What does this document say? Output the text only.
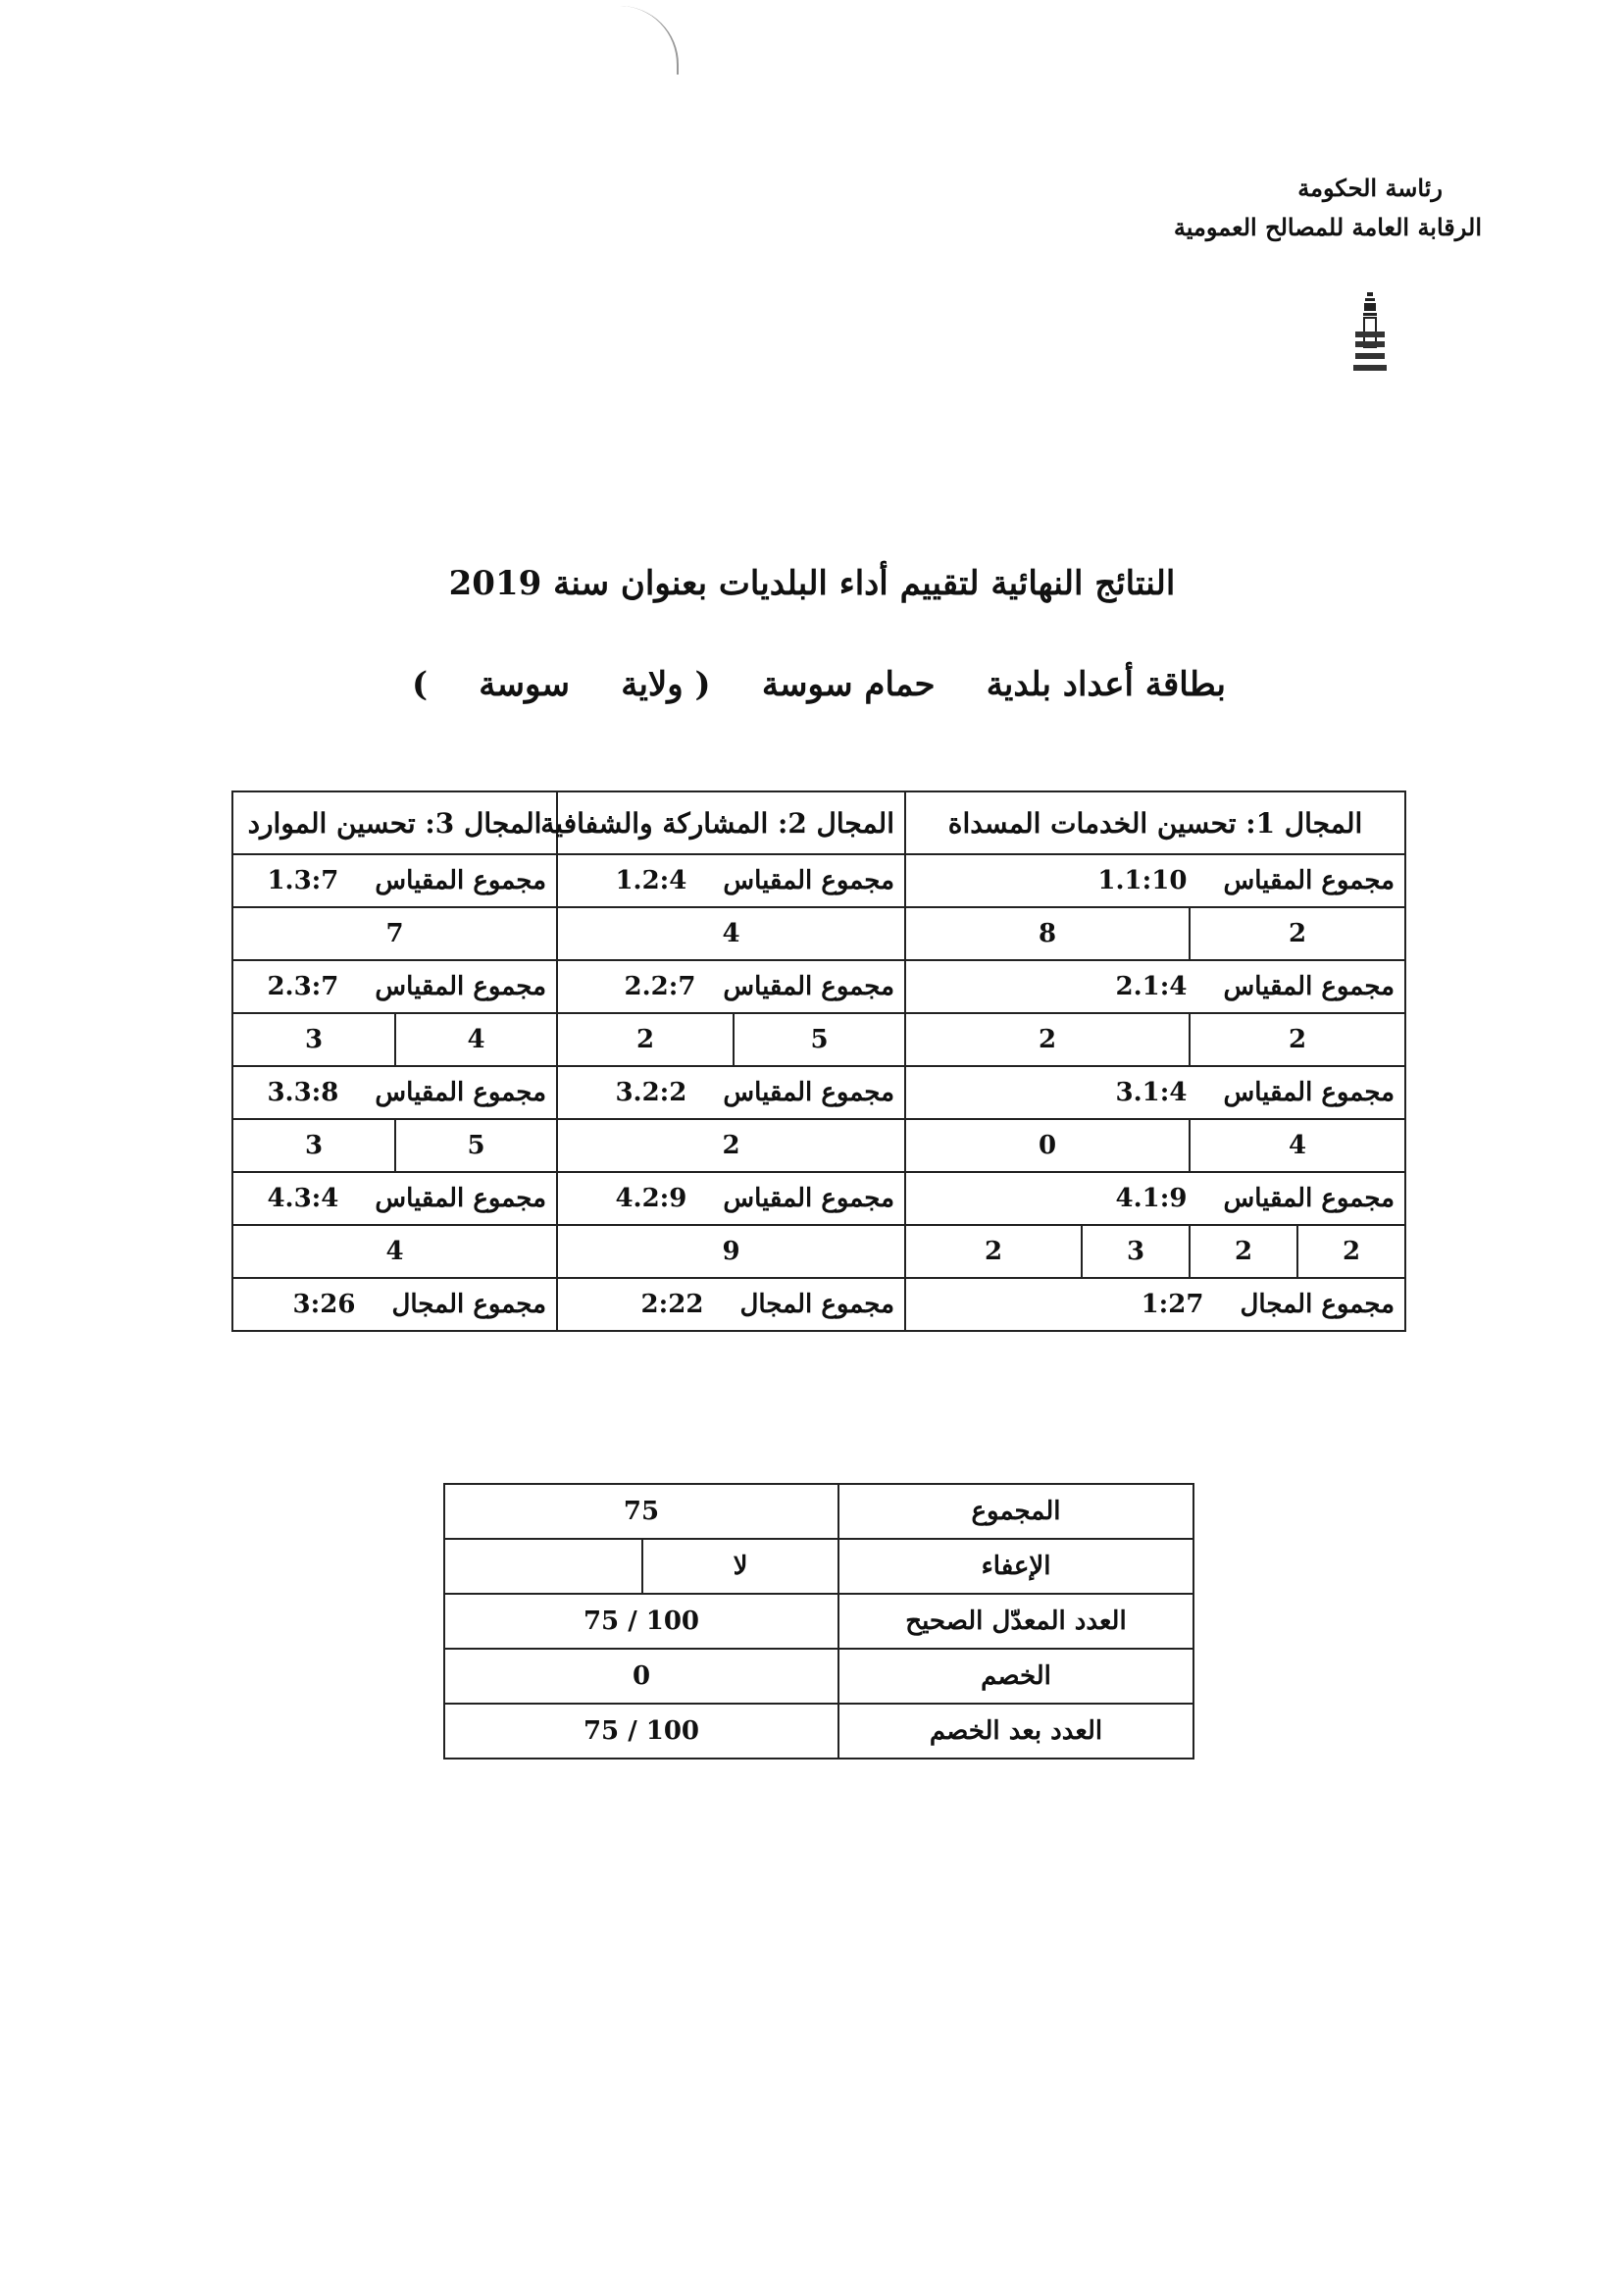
رئاسة الحكومة
الرقابة العامة للمصالح العمومية
النتائج النهائية لتقييم أداء البلديات بعنوان سنة 2019
بطاقة أعداد بلدية
حمام سوسة
( ولاية
سوسة
)
المجال 1: تحسين الخدمات المسداة				المجال 2: المشاركة والشفافية		المجال 3: تحسين الموارد	
مجموع المقياس 1.1:10				مجموع المقياس 1.2:4		مجموع المقياس 1.3:7	
2		8		4		7	
مجموع المقياس 2.1:4				مجموع المقياس2.2:7		مجموع المقياس 2.3:7	
2		2		5	2	4	3
مجموع المقياس 3.1:4				مجموع المقياس 3.2:2		مجموع المقياس 3.3:8	
4		0		2		5	3
مجموع المقياس 4.1:9				مجموع المقياس 4.2:9		مجموع المقياس 4.3:4	
2	2	3	2	9		4	
مجموع المجال 1:27				مجموع المجال 2:22		مجموع المجال 3:26	
المجموع	75	
الإعفاء	لا	
العدد المعدّل الصحيح	100 / 75	
الخصم	0	
العدد بعد الخصم	100 / 75	
